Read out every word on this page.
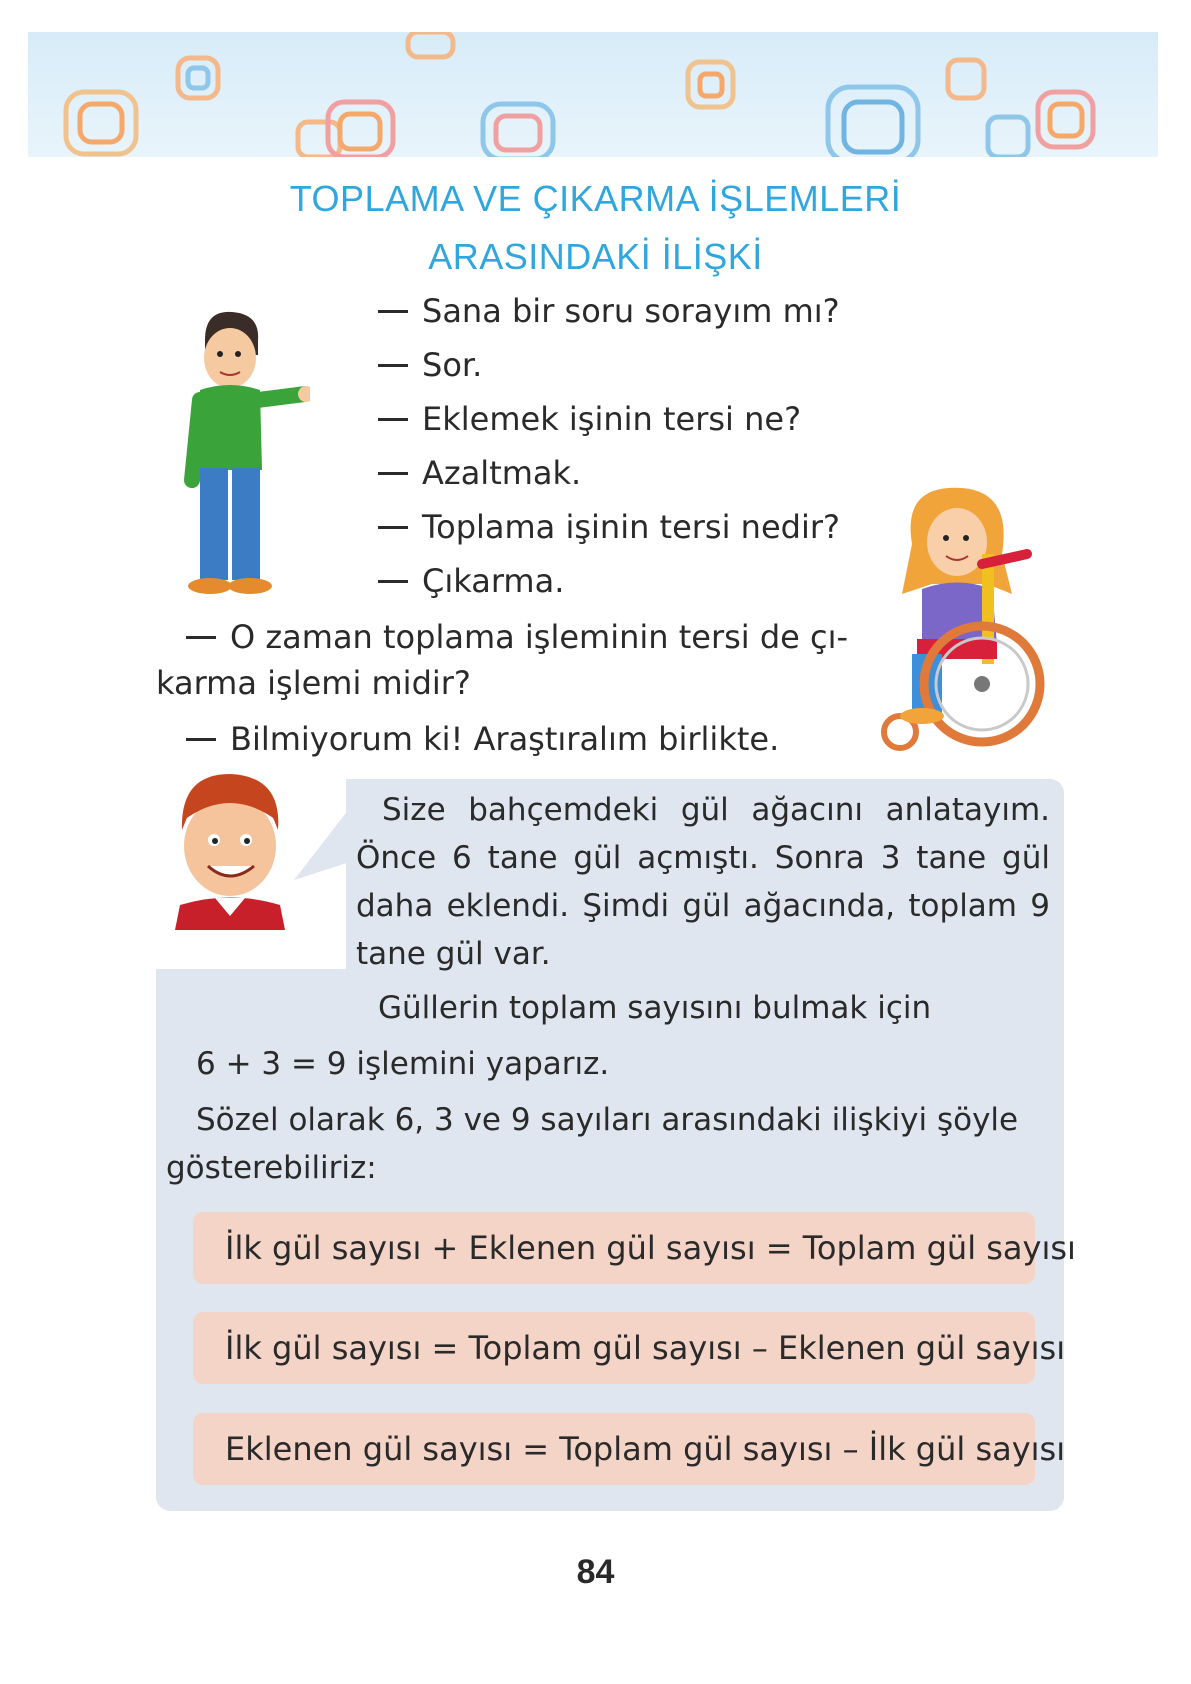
TOPLAMA VE ÇIKARMA İŞLEMLERİ
ARASINDAKİ İLİŞKİ
Sana bir soru sorayım mı?
Sor.
Eklemek işinin tersi ne?
Azaltmak.
Toplama işinin tersi nedir?
Çıkarma.
O zaman toplama işleminin tersi de çı-
karma işlemi midir?
Bilmiyorum ki! Araştıralım birlikte.

Size bahçemdeki gül ağacını anlatayım. Önce 6 tane gül açmıştı. Sonra 3 tane gül daha eklendi. Şimdi gül ağacında, toplam 9 tane gül var.

Güllerin toplam sayısını bulmak için
6 + 3 = 9 işlemini yaparız.
Sözel olarak 6, 3 ve 9 sayıları arasındaki ilişkiyi şöyle
gösterebiliriz:
İlk gül sayısı + Eklenen gül sayısı = Toplam gül sayısı
İlk gül sayısı = Toplam gül sayısı – Eklenen gül sayısı
Eklenen gül sayısı = Toplam gül sayısı – İlk gül sayısı
84
